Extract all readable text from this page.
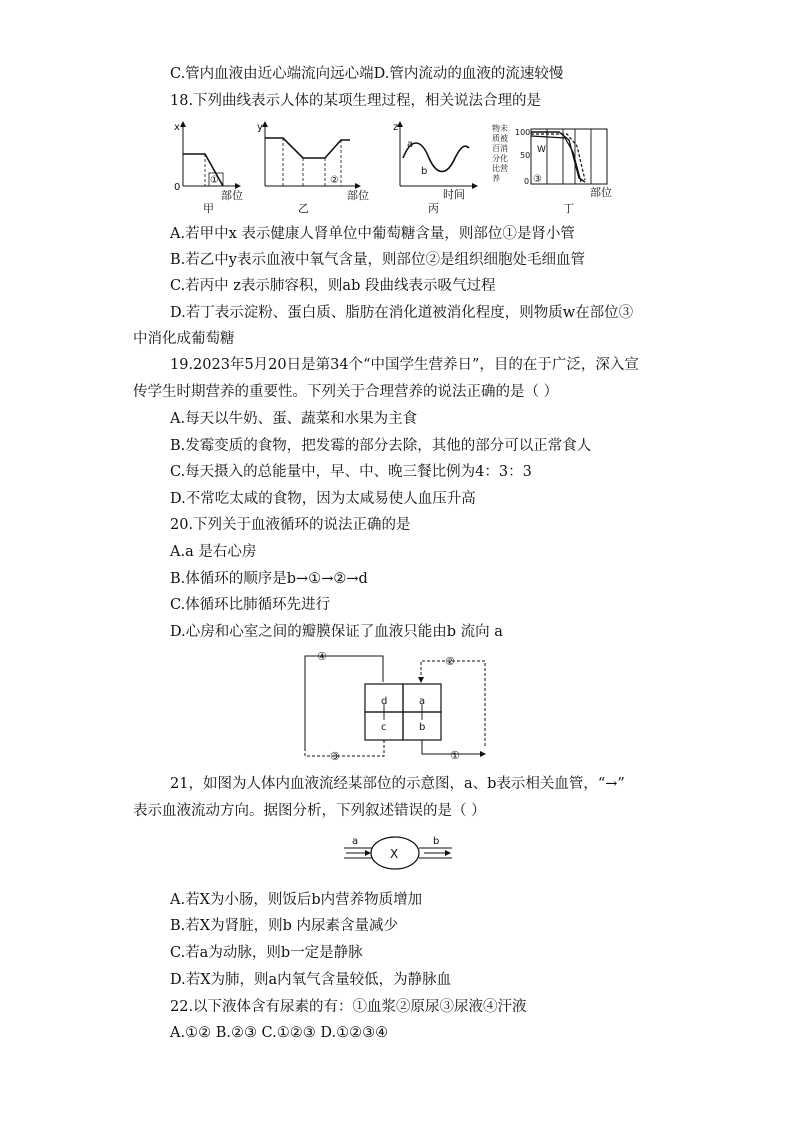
C.管内血液由近心端流向远心端D.管内流动的血液的流速较慢
18.下列曲线表示人体的某项生理过程，相关说法合理的是
x
0
①
部位
甲
y
②
部位
乙
z
a
b
时间
丙
物未
质被
百消
分化
比营
养
100
50
0
W
③
部位
丁
A.若甲中x 表示健康人肾单位中葡萄糖含量，则部位①是肾小管
B.若乙中y表示血液中氧气含量，则部位②是组织细胞处毛细血管
C.若丙中 z表示肺容积，则ab 段曲线表示吸气过程
D.若丁表示淀粉、蛋白质、脂肪在消化道被消化程度，则物质w在部位③
中消化成葡萄糖
19.2023年5月20日是第34个“中国学生营养日”，目的在于广泛，深入宣
传学生时期营养的重要性。下列关于合理营养的说法正确的是（ ）
A.每天以牛奶、蛋、蔬菜和水果为主食
B.发霉变质的食物，把发霉的部分去除，其他的部分可以正常食人
C.每天摄入的总能量中，早、中、晚三餐比例为4：3：3
D.不常吃太咸的食物，因为太咸易使人血压升高
20.下列关于血液循环的说法正确的是
A.a 是右心房
B.体循环的顺序是b→①→②→d
C.体循环比肺循环先进行
D.心房和心室之间的瓣膜保证了血液只能由b 流向 a
d	a
c	b
②
④
①
③
21，如图为人体内血液流经某部位的示意图，a、b表示相关血管，“→”
表示血液流动方向。据图分析，下列叙述错误的是（ ）
a
X
b
A.若X为小肠，则饭后b内营养物质增加
B.若X为肾脏，则b 内尿素含量减少
C.若a为动脉，则b一定是静脉
D.若X为肺，则a内氧气含量较低，为静脉血
22.以下液体含有尿素的有：①血浆②原尿③尿液④汗液
A.①② B.②③ C.①②③ D.①②③④
